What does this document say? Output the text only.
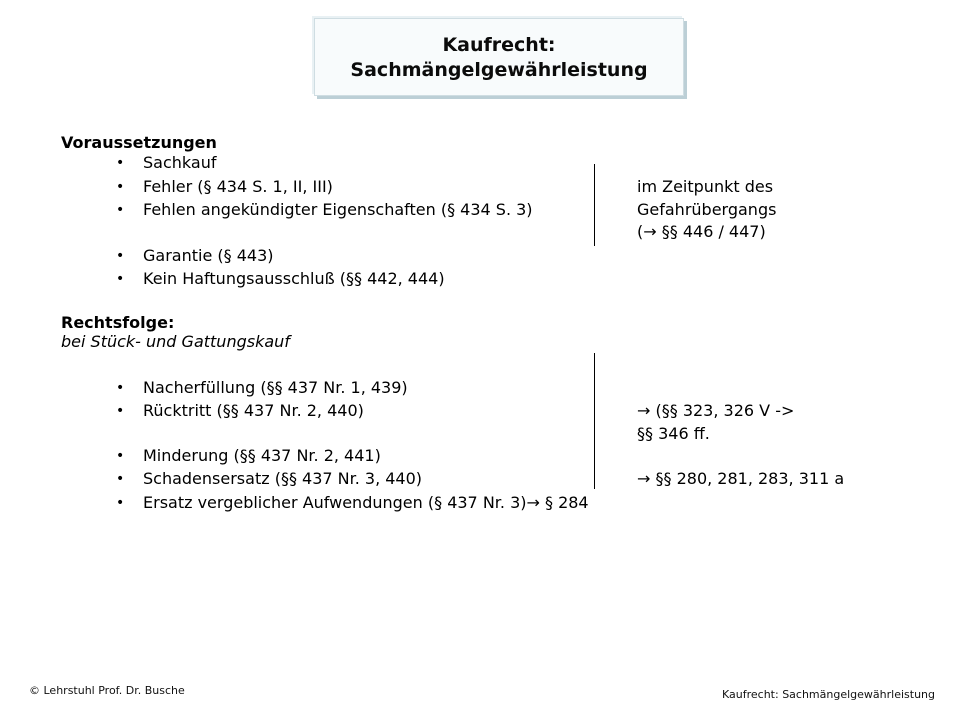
Kaufrecht:
Sachmängelgewährleistung
Voraussetzungen
• Sachkauf
• Fehler (§ 434 S. 1, II, III)
• Fehlen angekündigter Eigenschaften (§ 434 S. 3)
• Garantie (§ 443)
• Kein Haftungsausschluß (§§ 442, 444)
im Zeitpunkt des
Gefahrübergangs
(→ §§ 446 / 447)
Rechtsfolge:
bei Stück- und Gattungskauf
• Nacherfüllung (§§ 437 Nr. 1, 439)
• Rücktritt (§§ 437 Nr. 2, 440)
• Minderung (§§ 437 Nr. 2, 441)
• Schadensersatz (§§ 437 Nr. 3, 440)
• Ersatz vergeblicher Aufwendungen (§ 437 Nr. 3)→ § 284
→ (§§ 323, 326 V ->
§§ 346 ff.
→ §§ 280, 281, 283, 311 a
© Lehrstuhl Prof. Dr. Busche	Kaufrecht: Sachmängelgewährleistung
